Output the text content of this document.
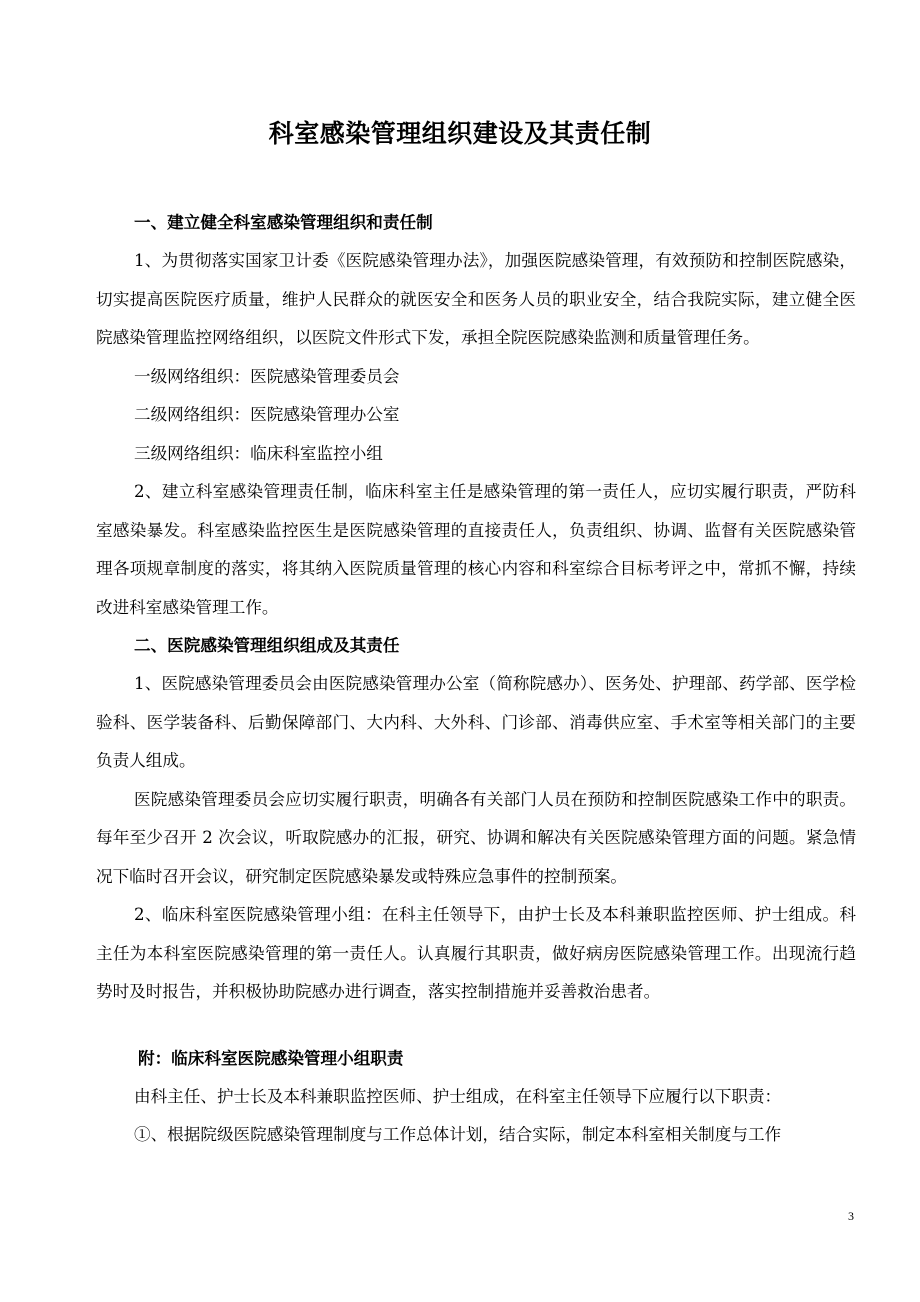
科室感染管理组织建设及其责任制
一、建立健全科室感染管理组织和责任制

1、为贯彻落实国家卫计委《医院感染管理办法》，加强医院感染管理，有效预防和控制医院感染，切实提高医院医疗质量，维护人民群众的就医安全和医务人员的职业安全，结合我院实际，建立健全医院感染管理监控网络组织，以医院文件形式下发，承担全院医院感染监测和质量管理任务。

一级网络组织：医院感染管理委员会
二级网络组织：医院感染管理办公室
三级网络组织：临床科室监控小组

2、建立科室感染管理责任制，临床科室主任是感染管理的第一责任人，应切实履行职责，严防科室感染暴发。科室感染监控医生是医院感染管理的直接责任人，负责组织、协调、监督有关医院感染管理各项规章制度的落实，将其纳入医院质量管理的核心内容和科室综合目标考评之中，常抓不懈，持续改进科室感染管理工作。

二、医院感染管理组织组成及其责任

1、医院感染管理委员会由医院感染管理办公室（简称院感办）、医务处、护理部、药学部、医学检验科、医学装备科、后勤保障部门、大内科、大外科、门诊部、消毒供应室、手术室等相关部门的主要负责人组成。

医院感染管理委员会应切实履行职责，明确各有关部门人员在预防和控制医院感染工作中的职责。每年至少召开 2 次会议，听取院感办的汇报，研究、协调和解决有关医院感染管理方面的问题。紧急情况下临时召开会议，研究制定医院感染暴发或特殊应急事件的控制预案。

2、临床科室医院感染管理小组：在科主任领导下，由护士长及本科兼职监控医师、护士组成。科主任为本科室医院感染管理的第一责任人。认真履行其职责，做好病房医院感染管理工作。出现流行趋势时及时报告，并积极协助院感办进行调查，落实控制措施并妥善救治患者。

附：临床科室医院感染管理小组职责

由科主任、护士长及本科兼职监控医师、护士组成，在科室主任领导下应履行以下职责：

①、根据院级医院感染管理制度与工作总体计划，结合实际，制定本科室相关制度与工作

3
